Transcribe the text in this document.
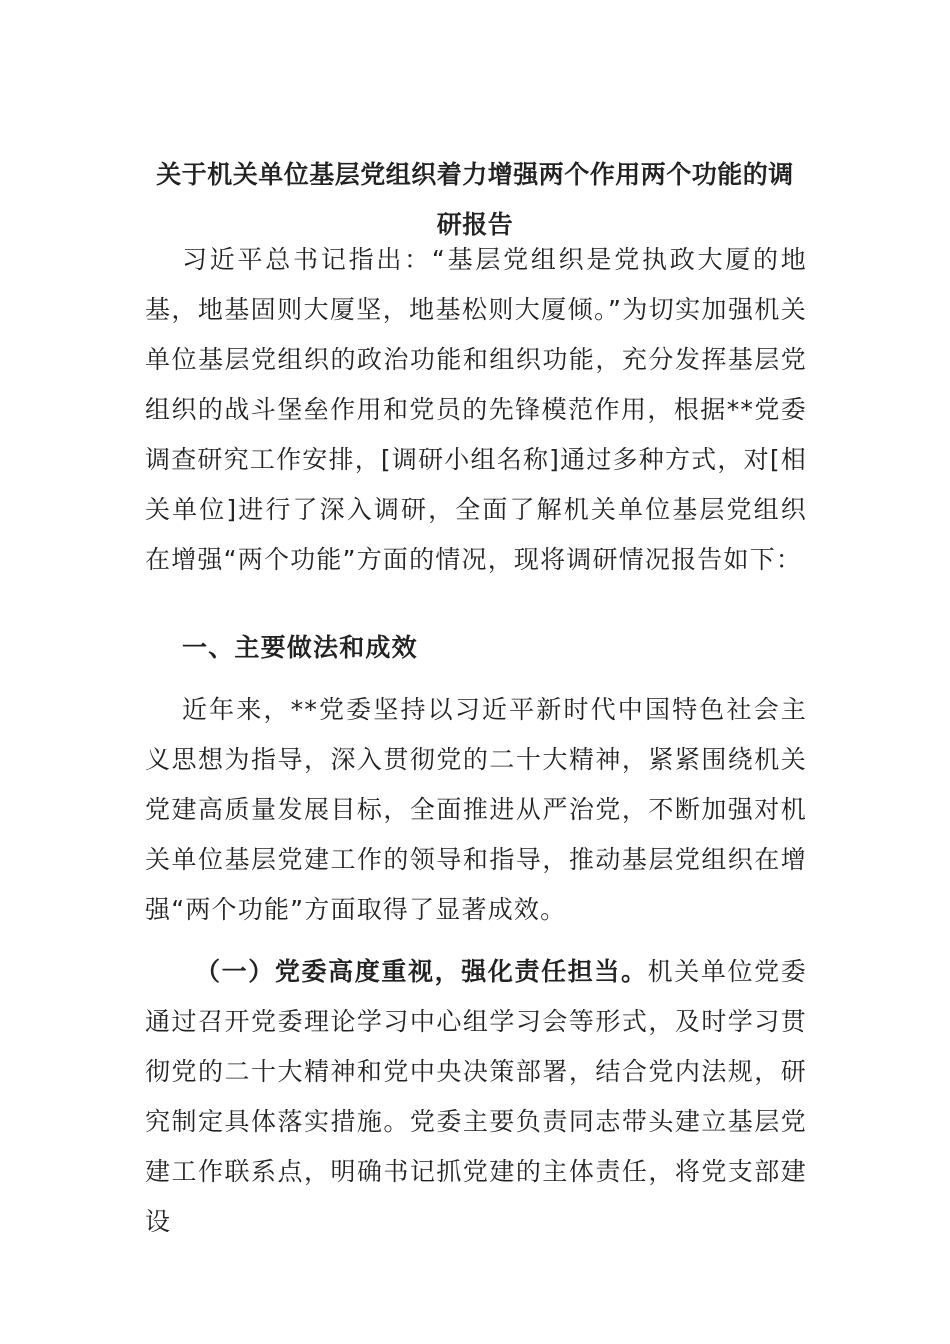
关于机关单位基层党组织着力增强两个作用两个功能的调研报告
习近平总书记指出：“基层党组织是党执政大厦的地基，地基固则大厦坚，地基松则大厦倾。”为切实加强机关单位基层党组织的政治功能和组织功能，充分发挥基层党组织的战斗堡垒作用和党员的先锋模范作用，根据**党委调查研究工作安排，[调研小组名称]通过多种方式，对[相关单位]进行了深入调研，全面了解机关单位基层党组织在增强“两个功能”方面的情况，现将调研情况报告如下：
一、主要做法和成效
近年来，**党委坚持以习近平新时代中国特色社会主义思想为指导，深入贯彻党的二十大精神，紧紧围绕机关党建高质量发展目标，全面推进从严治党，不断加强对机关单位基层党建工作的领导和指导，推动基层党组织在增强“两个功能”方面取得了显著成效。
（一）党委高度重视，强化责任担当。机关单位党委通过召开党委理论学习中心组学习会等形式，及时学习贯彻党的二十大精神和党中央决策部署，结合党内法规，研究制定具体落实措施。党委主要负责同志带头建立基层党建工作联系点，明确书记抓党建的主体责任，将党支部建设
